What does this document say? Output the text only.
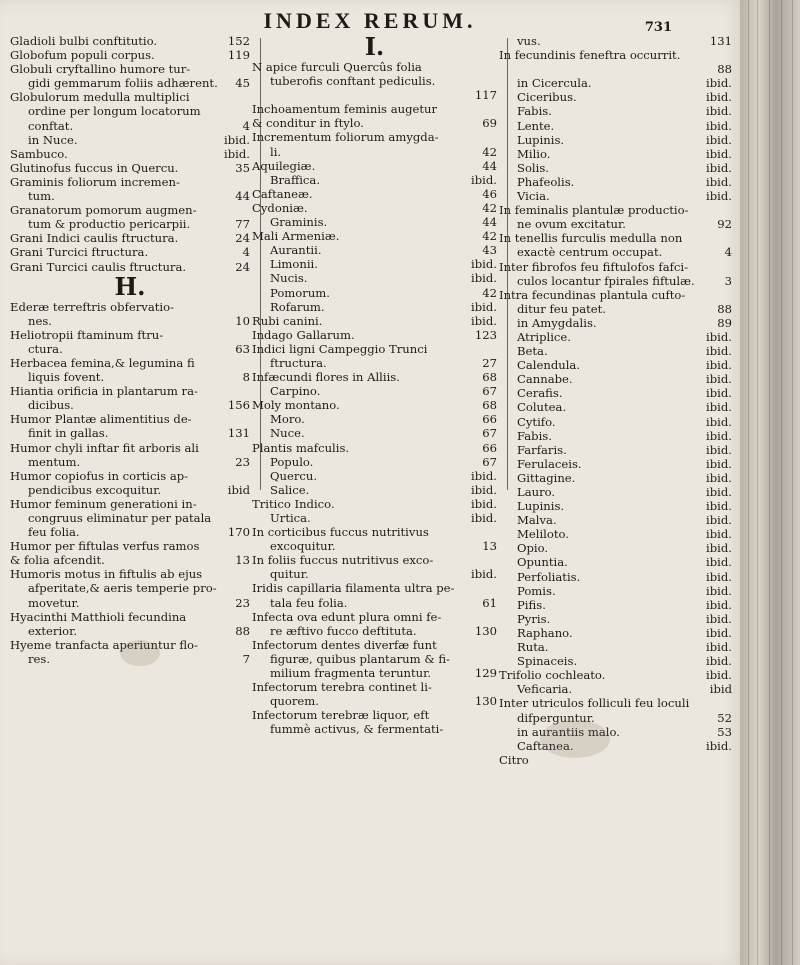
INDEX RERUM.	731
Gladioli bulbi conftitutio.	152
Globofum populi corpus.	119
Globuli cryftallino humore tur-
gidi gemmarum foliis adhærent.	45
Globulorum medulla multiplici
ordine per longum locatorum
conftat.	4
in Nuce.	ibid.
Sambuco.	ibid.
Glutinofus fuccus in Quercu.	35
Graminis foliorum incremen-
tum.	44
Granatorum pomorum augmen-
tum & productio pericarpii.	77
Grani Indici caulis ftructura.	24
Grani Turcici ftructura.	4
Grani Turcici caulis ftructura.	24
H.
Ederæ terreftris obfervatio-
nes.	10
Heliotropii ftaminum ftru-
ctura.	63
Herbacea femina,& legumina fi
liquis fovent.	8
Hiantia orificia in plantarum ra-
dicibus.	156
Humor Plantæ alimentitius de-
finit in gallas.	131
Humor chyli inftar fit arboris ali
mentum.	23
Humor copiofus in corticis ap-
pendicibus excoquitur.	ibid
Humor feminum generationi in-
congruus eliminatur per patala
feu folia.	170
Humor per fiftulas verfus ramos
& folia afcendit.	13
Humoris motus in fiftulis ab ejus
afperitate,& aeris temperie pro-
movetur.	23
Hyacinthi Matthioli fecundina
exterior.	88
Hyeme tranfacta aperiuntur flo-
res.	7
I.
N apice furculi Quercûs folia
tuberofis conftant pediculis.
117
Inchoamentum feminis augetur
& conditur in ftylo.	69
Incrementum foliorum amygda-
li.	42
Aquilegiæ.	44
Braffica.	ibid.
Caftaneæ.	46
Cydoniæ.	42
Graminis.	44
Mali Armeniæ.	42
Aurantii.	43
Limonii.	ibid.
Nucis.	ibid.
Pomorum.	42
Rofarum.	ibid.
Rubi canini.	ibid.
Indago Gallarum.	123
Indici ligni Campeggio Trunci
ftructura.	27
Infæcundi flores in Alliis.	68
Carpino.	67
Moly montano.	68
Moro.	66
Nuce.	67
Plantis mafculis.	66
Populo.	67
Quercu.	ibid.
Salice.	ibid.
Tritico Indico.	ibid.
Urtica.	ibid.
In corticibus fuccus nutritivus
excoquitur.	13
In foliis fuccus nutritivus exco-
quitur.	ibid.
Iridis capillaria filamenta ultra pe-
tala feu folia.	61
Infecta ova edunt plura omni fe-
re æftivo fucco deftituta.	130
Infectorum dentes diverfæ funt
figuræ, quibus plantarum & fi-
milium fragmenta teruntur.	129
Infectorum terebra continet li-
quorem.	130
Infectorum terebræ liquor, eft
fummè activus, & fermentati-
vus.	131
In fecundinis feneftra occurrit.
88
in Cicercula.	ibid.
Ciceribus.	ibid.
Fabis.	ibid.
Lente.	ibid.
Lupinis.	ibid.
Milio.	ibid.
Solis.	ibid.
Phafeolis.	ibid.
Vicia.	ibid.
In feminalis plantulæ productio-
ne ovum excitatur.	92
In tenellis furculis medulla non
exactè centrum occupat.	4
Inter fibrofos feu fiftulofos fafci-
culos locantur fpirales fiftulæ.	3
Intra fecundinas plantula cufto-
ditur feu patet.	88
in Amygdalis.	89
Atriplice.	ibid.
Beta.	ibid.
Calendula.	ibid.
Cannabe.	ibid.
Cerafis.	ibid.
Colutea.	ibid.
Cytifo.	ibid.
Fabis.	ibid.
Farfaris.	ibid.
Ferulaceis.	ibid.
Gittagine.	ibid.
Lauro.	ibid.
Lupinis.	ibid.
Malva.	ibid.
Meliloto.	ibid.
Opio.	ibid.
Opuntia.	ibid.
Perfoliatis.	ibid.
Pomis.	ibid.
Pifis.	ibid.
Pyris.	ibid.
Raphano.	ibid.
Ruta.	ibid.
Spinaceis.	ibid.
Trifolio cochleato.	ibid.
Veficaria.	ibid
Inter utriculos folliculi feu loculi
difperguntur.	52
in aurantiis malo.	53
Caftanea.	ibid.
Citro
